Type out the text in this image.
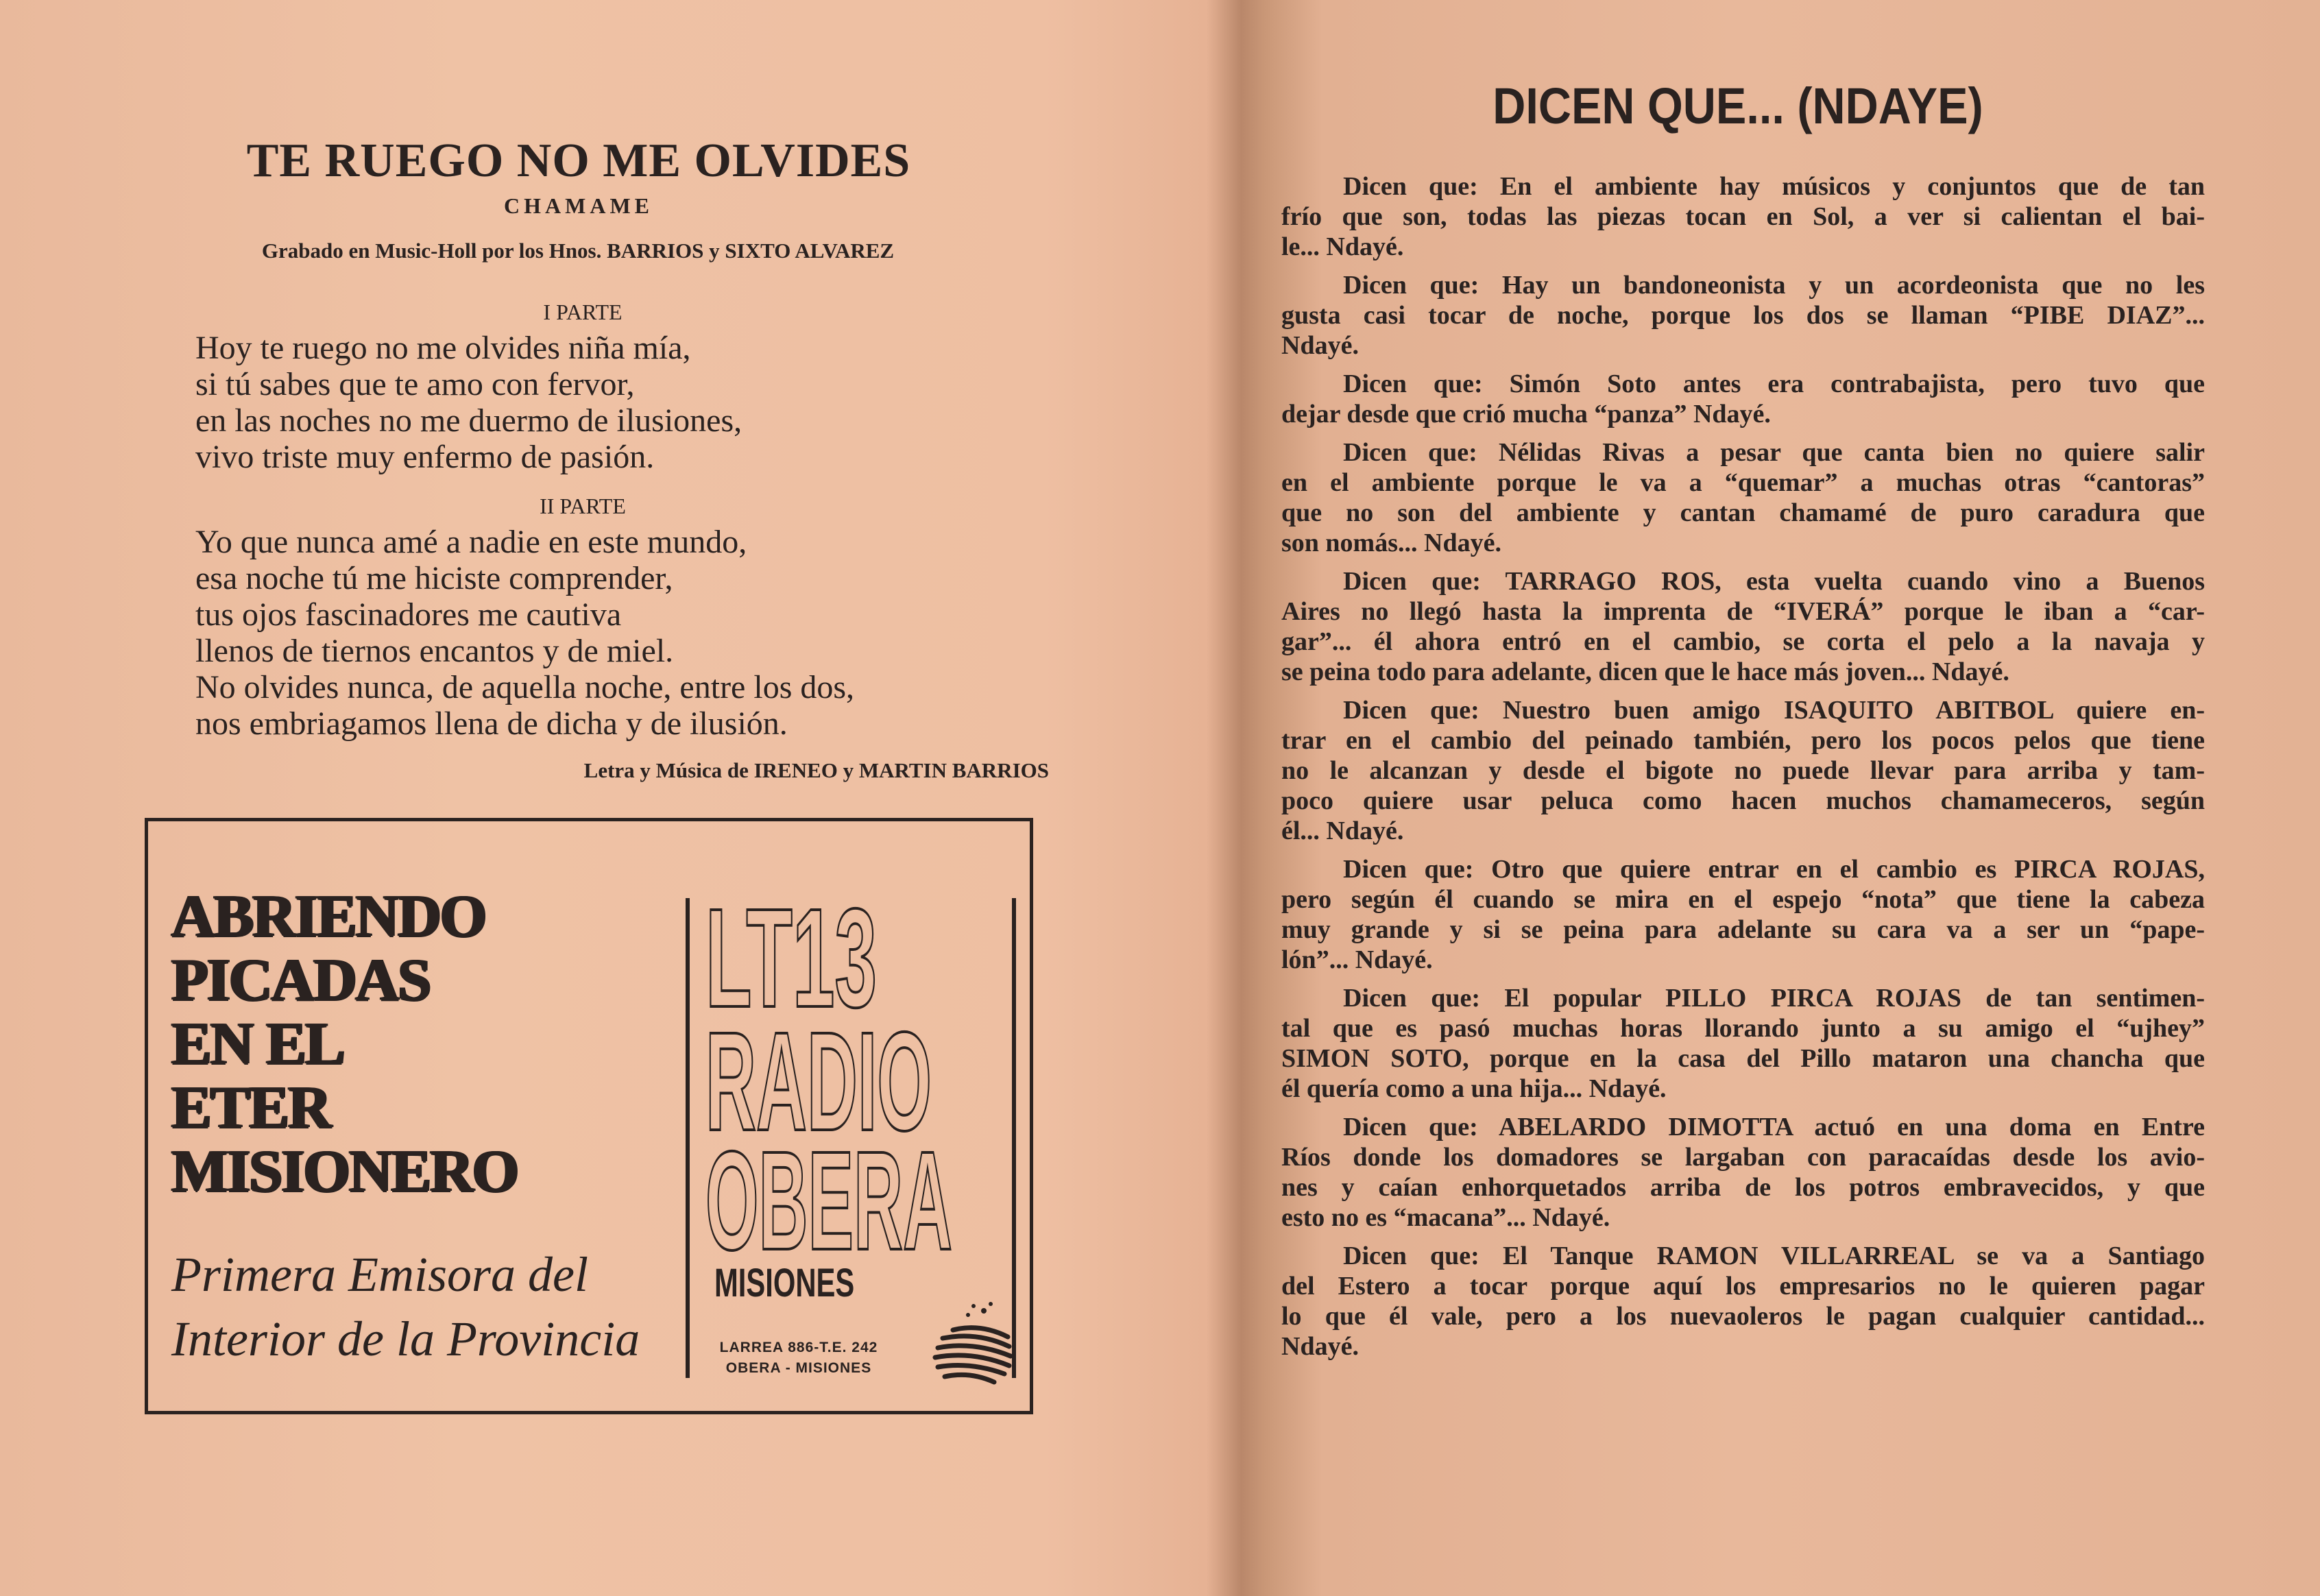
TE RUEGO NO ME OLVIDES
CHAMAME
Grabado en Music-Holl por los Hnos. BARRIOS y SIXTO ALVAREZ
I PARTE
Hoy te ruego no me olvides niña mía,
si tú sabes que te amo con fervor,
en las noches no me duermo de ilusiones,
vivo triste muy enfermo de pasión.
II PARTE
Yo que nunca amé a nadie en este mundo,
esa noche tú me hiciste comprender,
tus ojos fascinadores me cautiva
llenos de tiernos encantos y de miel.
No olvides nunca, de aquella noche, entre los dos,
nos embriagamos llena de dicha y de ilusión.
Letra y Música de IRENEO y MARTIN BARRIOS
ABRIENDO
PICADAS
EN EL
ETER
MISIONERO
Primera Emisora del
Interior de la Provincia
LT13
RADIO
OBERA
MISIONES
LARREA 886-T.E. 242
OBERA - MISIONES
DICEN QUE... (NDAYE)
Dicen que: En el ambiente hay músicos y conjuntos que de tan
frío que son, todas las piezas tocan en Sol, a ver si calientan el bai-
le... Ndayé.
Dicen que: Hay un bandoneonista y un acordeonista que no les
gusta casi tocar de noche, porque los dos se llaman “PIBE DIAZ”...
Ndayé.
Dicen que: Simón Soto antes era contrabajista, pero tuvo que
dejar desde que crió mucha “panza” Ndayé.
Dicen que: Nélidas Rivas a pesar que canta bien no quiere salir
en el ambiente porque le va a “quemar” a muchas otras “cantoras”
que no son del ambiente y cantan chamamé de puro caradura que
son nomás... Ndayé.
Dicen que: TARRAGO ROS, esta vuelta cuando vino a Buenos
Aires no llegó hasta la imprenta de “IVERÁ” porque le iban a “car-
gar”... él ahora entró en el cambio, se corta el pelo a la navaja y
se peina todo para adelante, dicen que le hace más joven... Ndayé.
Dicen que: Nuestro buen amigo ISAQUITO ABITBOL quiere en-
trar en el cambio del peinado también, pero los pocos pelos que tiene
no le alcanzan y desde el bigote no puede llevar para arriba y tam-
poco quiere usar peluca como hacen muchos chamameceros, según
él... Ndayé.
Dicen que: Otro que quiere entrar en el cambio es PIRCA ROJAS,
pero según él cuando se mira en el espejo “nota” que tiene la cabeza
muy grande y si se peina para adelante su cara va a ser un “pape-
lón”... Ndayé.
Dicen que: El popular PILLO PIRCA ROJAS de tan sentimen-
tal que es pasó muchas horas llorando junto a su amigo el “ujhey”
SIMON SOTO, porque en la casa del Pillo mataron una chancha que
él quería como a una hija... Ndayé.
Dicen que: ABELARDO DIMOTTA actuó en una doma en Entre
Ríos donde los domadores se largaban con paracaídas desde los avio-
nes y caían enhorquetados arriba de los potros embravecidos, y que
esto no es “macana”... Ndayé.
Dicen que: El Tanque RAMON VILLARREAL se va a Santiago
del Estero a tocar porque aquí los empresarios no le quieren pagar
lo que él vale, pero a los nuevaoleros le pagan cualquier cantidad...
Ndayé.
